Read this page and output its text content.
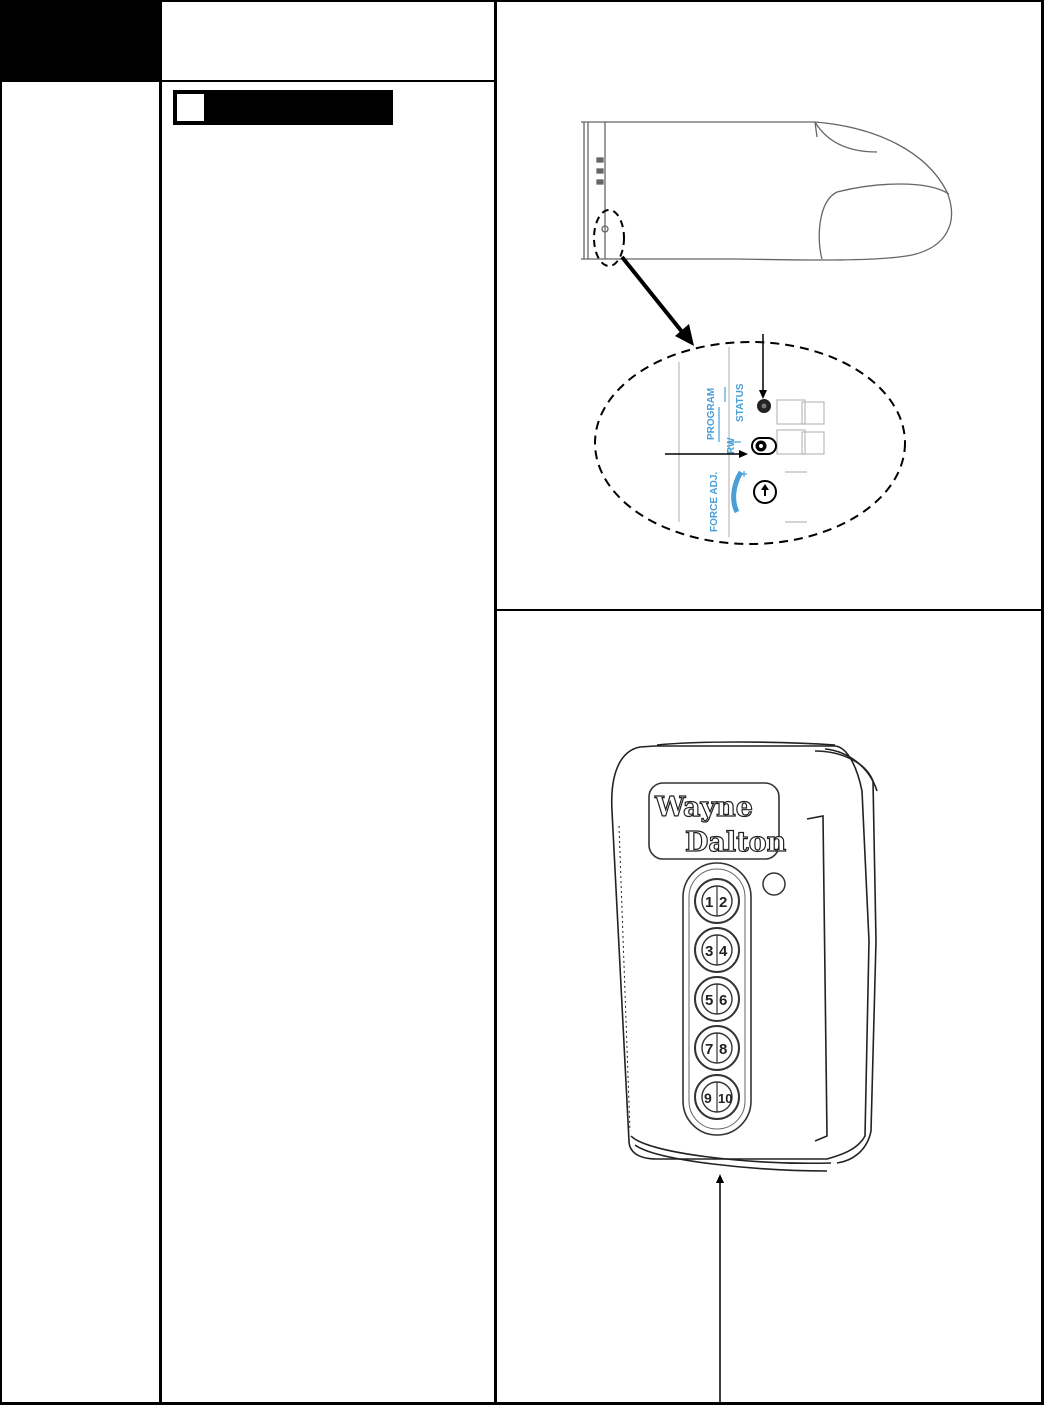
PROGRAM STATUS
RW
FORCE ADJ.
Wayne
Dalton
1 2
3 4
5 6
7 8
9 10
